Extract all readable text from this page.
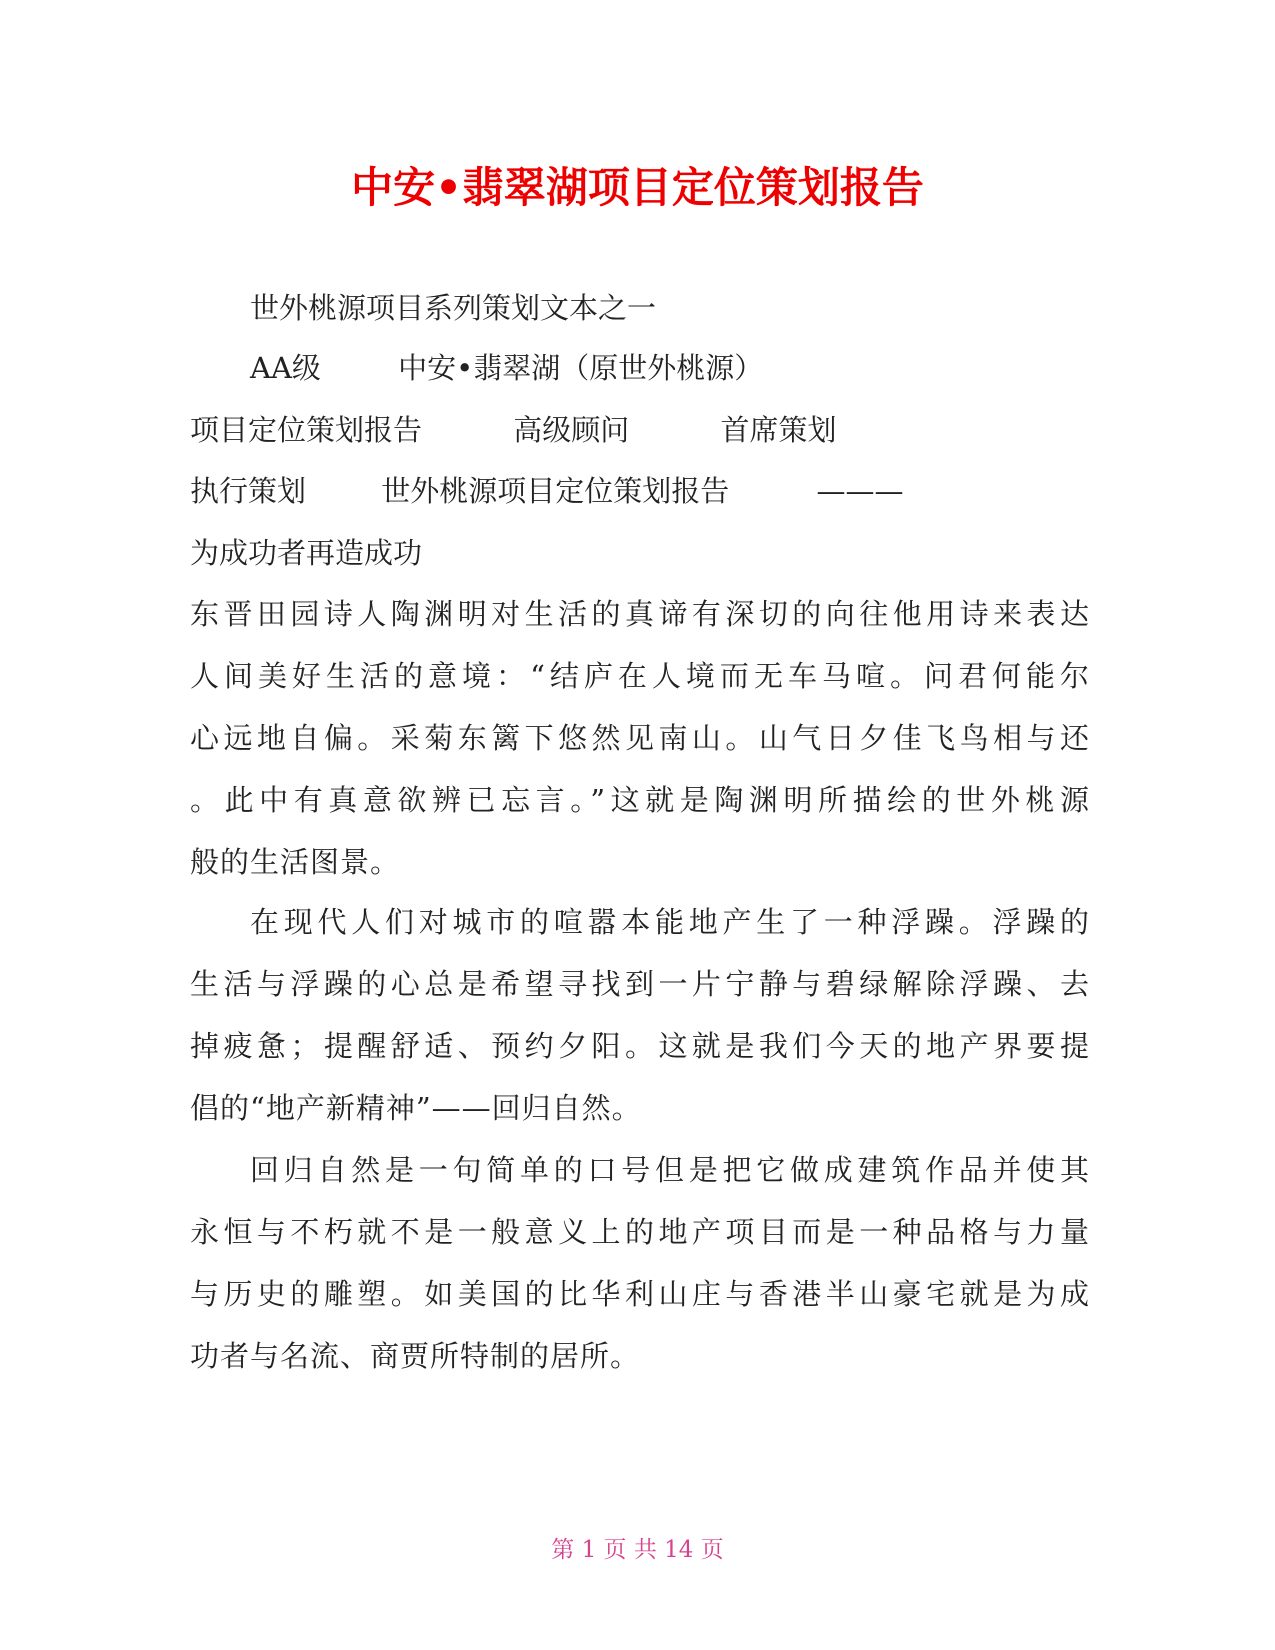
中安•翡翠湖项目定位策划报告
世外桃源项目系列策划文本之一
AA级	中安•翡翠湖（原世外桃源）
项目定位策划报告	高级顾问	首席策划
执行策划	世外桃源项目定位策划报告	———
为成功者再造成功
东晋田园诗人陶渊明对生活的真谛有深切的向往他用诗来表达
人间美好生活的意境：“结庐在人境而无车马喧。问君何能尔
心远地自偏。采菊东篱下悠然见南山。山气日夕佳飞鸟相与还
。此中有真意欲辨已忘言。”这就是陶渊明所描绘的世外桃源
般的生活图景。
在现代人们对城市的喧嚣本能地产生了一种浮躁。浮躁的
生活与浮躁的心总是希望寻找到一片宁静与碧绿解除浮躁、去
掉疲惫；提醒舒适、预约夕阳。这就是我们今天的地产界要提
倡的“地产新精神”——回归自然。
回归自然是一句简单的口号但是把它做成建筑作品并使其
永恒与不朽就不是一般意义上的地产项目而是一种品格与力量
与历史的雕塑。如美国的比华利山庄与香港半山豪宅就是为成
功者与名流、商贾所特制的居所。
第 1 页 共 14 页
